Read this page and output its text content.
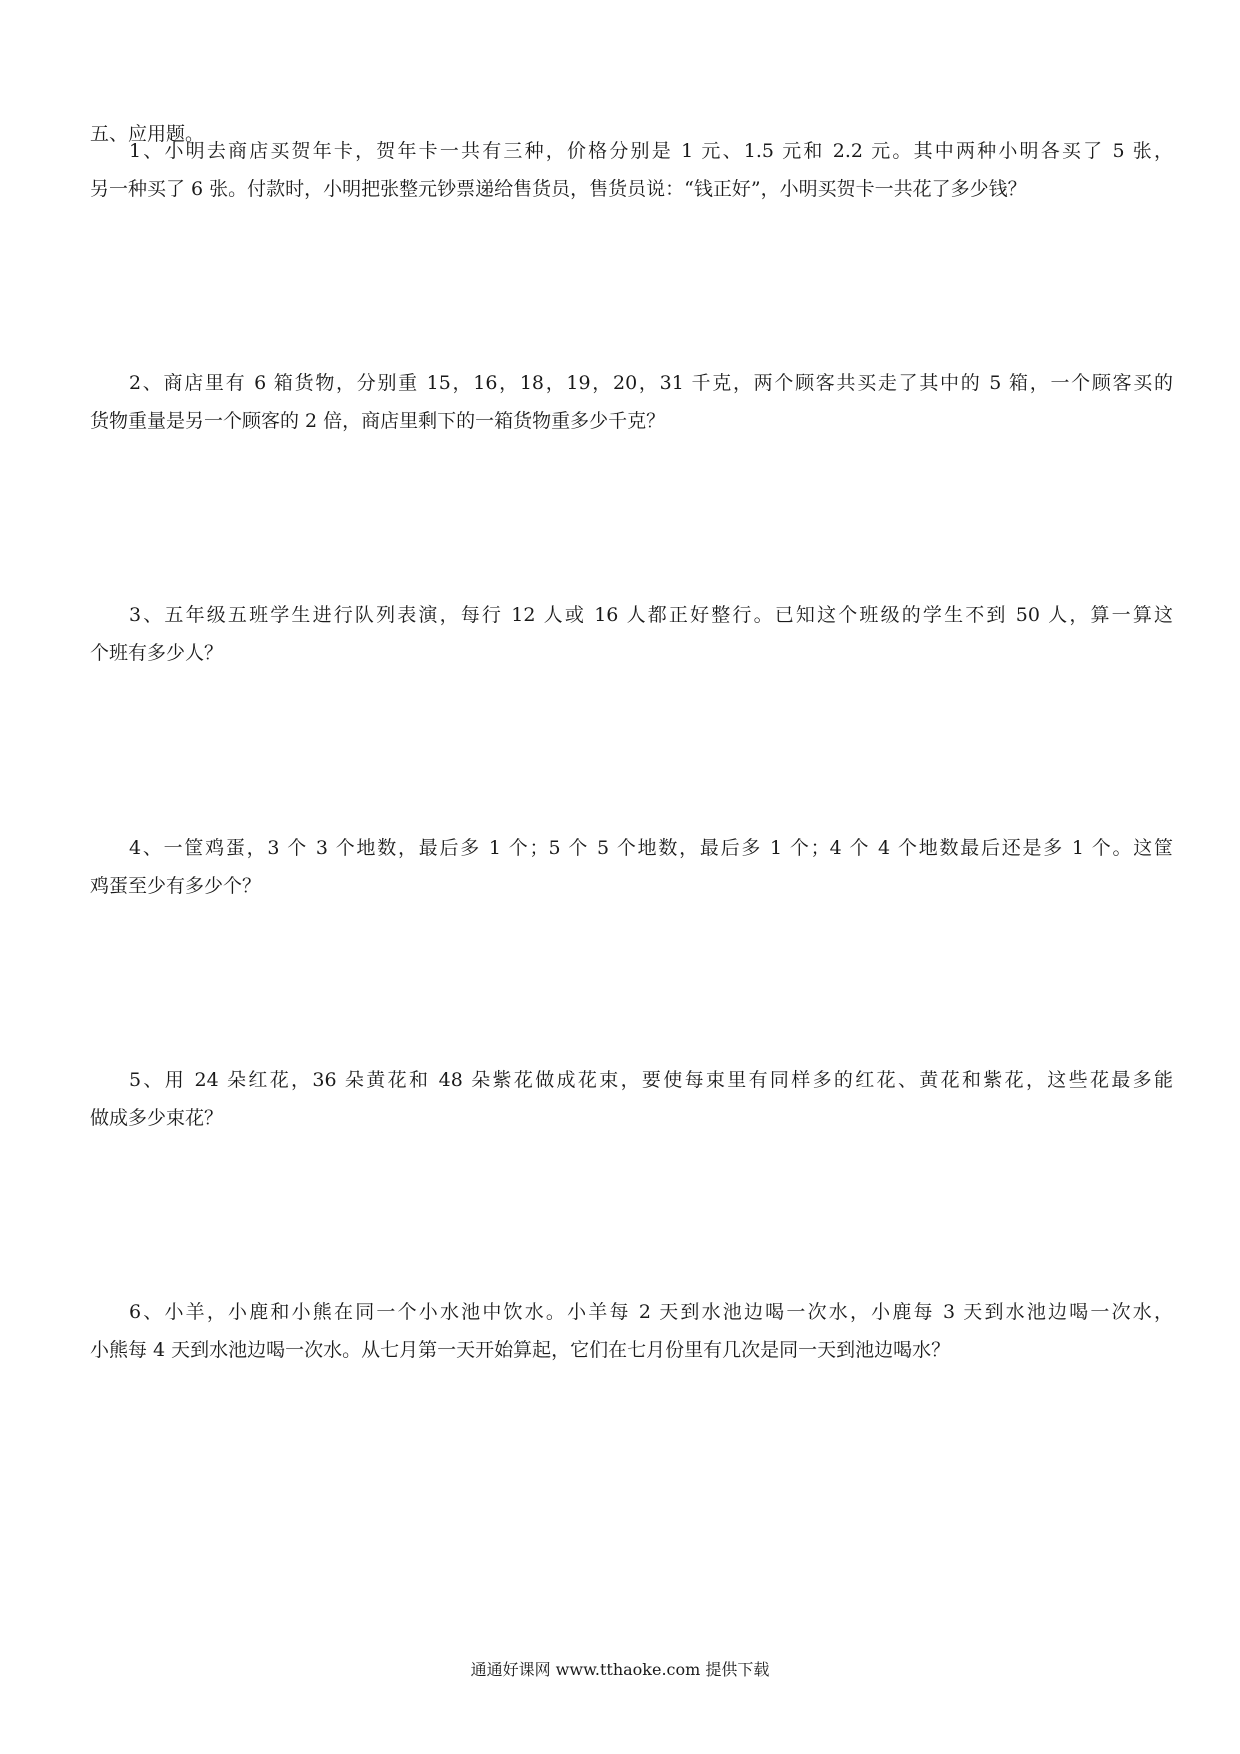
五、应用题。
1、小明去商店买贺年卡，贺年卡一共有三种，价格分别是 1 元、1.5 元和 2.2 元。其中两种小明各买了 5 张，
另一种买了 6 张。付款时，小明把张整元钞票递给售货员，售货员说：“钱正好”，小明买贺卡一共花了多少钱？
2、商店里有 6 箱货物，分别重 15，16，18，19，20，31 千克，两个顾客共买走了其中的 5 箱，一个顾客买的
货物重量是另一个顾客的 2 倍，商店里剩下的一箱货物重多少千克？
3、五年级五班学生进行队列表演，每行 12 人或 16 人都正好整行。已知这个班级的学生不到 50 人，算一算这
个班有多少人？
4、一筐鸡蛋，3 个 3 个地数，最后多 1 个；5 个 5 个地数，最后多 1 个；4 个 4 个地数最后还是多 1 个。这筐
鸡蛋至少有多少个？
5、用 24 朵红花，36 朵黄花和 48 朵紫花做成花束，要使每束里有同样多的红花、黄花和紫花，这些花最多能
做成多少束花？
6、小羊，小鹿和小熊在同一个小水池中饮水。小羊每 2 天到水池边喝一次水，小鹿每 3 天到水池边喝一次水，
小熊每 4 天到水池边喝一次水。从七月第一天开始算起，它们在七月份里有几次是同一天到池边喝水？
通通好课网 www.tthaoke.com 提供下载
